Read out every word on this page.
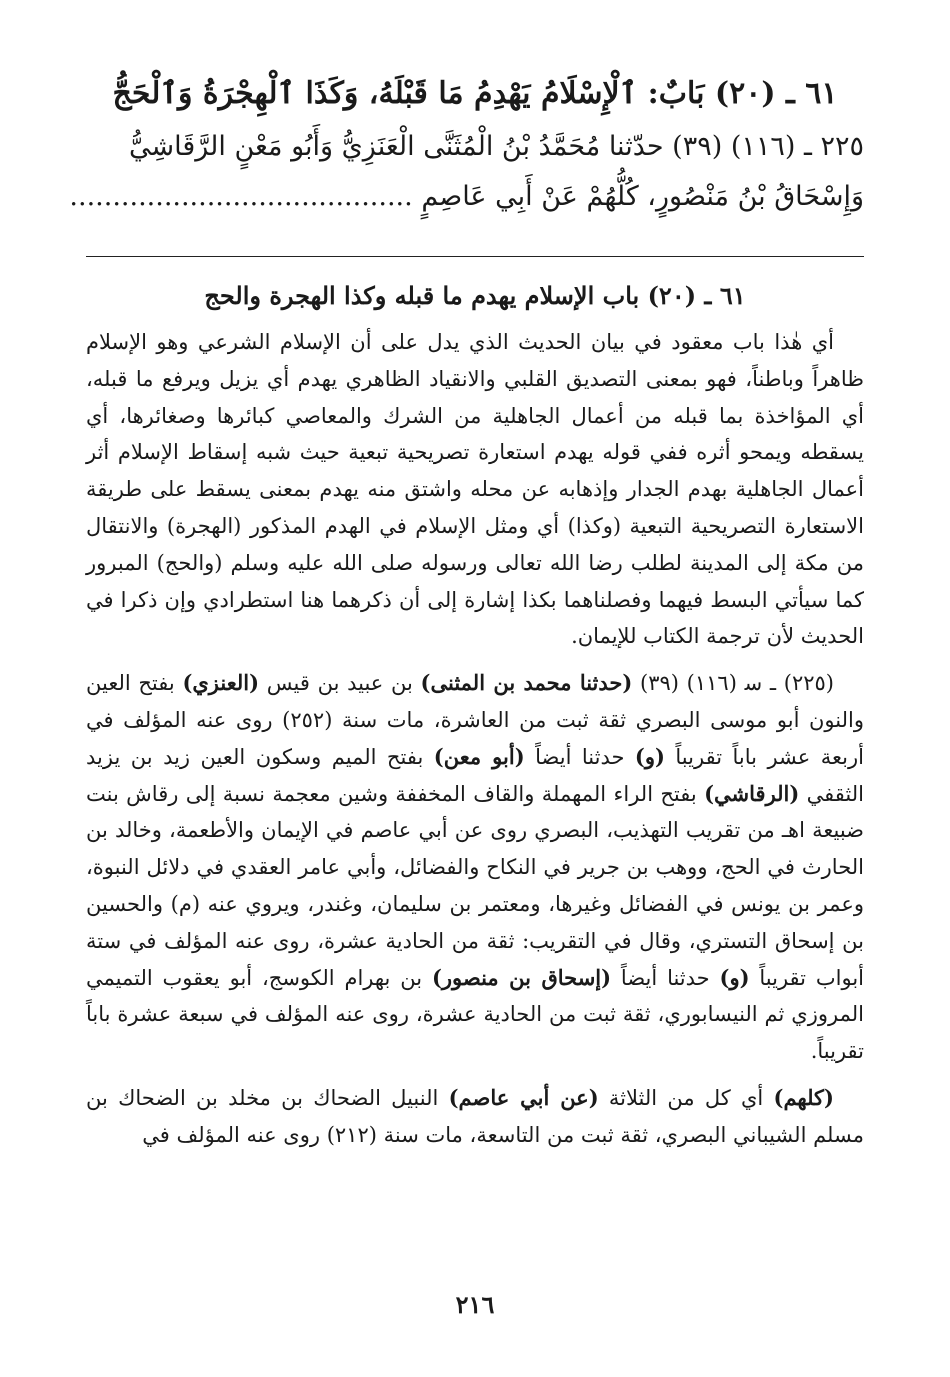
٦١ ـ (٢٠) بَابٌ: ٱلْإِسْلَامُ يَهْدِمُ مَا قَبْلَهُ، وَكَذَا ٱلْهِجْرَةُ وَٱلْحَجُّ

٢٢٥ ـ (١١٦) (٣٩) حدّثنا مُحَمَّدُ بْنُ الْمُثَنَّى الْعَنَزِيُّ وَأَبُو مَعْنٍ الرَّقَاشِيُّ

وَإِسْحَاقُ بْنُ مَنْصُورٍ، كُلُّهُمْ عَنْ أَبِي عَاصِمٍ ........................................

٦١ ـ (٢٠) باب الإسلام يهدم ما قبله وكذا الهجرة والحج

أي هٰذا باب معقود في بيان الحديث الذي يدل على أن الإسلام الشرعي وهو الإسلام ظاهراً وباطناً، فهو بمعنى التصديق القلبي والانقياد الظاهري يهدم أي يزيل ويرفع ما قبله، أي المؤاخذة بما قبله من أعمال الجاهلية من الشرك والمعاصي كبائرها وصغائرها، أي يسقطه ويمحو أثره ففي قوله يهدم استعارة تصريحية تبعية حيث شبه إسقاط الإسلام أثر أعمال الجاهلية بهدم الجدار وإذهابه عن محله واشتق منه يهدم بمعنى يسقط على طريقة الاستعارة التصريحية التبعية (وكذا) أي ومثل الإسلام في الهدم المذكور (الهجرة) والانتقال من مكة إلى المدينة لطلب رضا الله تعالى ورسوله صلى الله عليه وسلم (والحج) المبرور كما سيأتي البسط فيهما وفصلناهما بكذا إشارة إلى أن ذكرهما هنا استطرادي وإن ذكرا في الحديث لأن ترجمة الكتاب للإيمان.

(٢٢٥) ـ ﺳ (١١٦) (٣٩) (حدثنا محمد بن المثنى) بن عبيد بن قيس (العنزي) بفتح العين والنون أبو موسى البصري ثقة ثبت من العاشرة، مات سنة (٢٥٢) روى عنه المؤلف في أربعة عشر باباً تقريباً (و) حدثنا أيضاً (أبو معن) بفتح الميم وسكون العين زيد بن يزيد الثقفي (الرقاشي) بفتح الراء المهملة والقاف المخففة وشين معجمة نسبة إلى رقاش بنت ضبيعة اهـ من تقريب التهذيب، البصري روى عن أبي عاصم في الإيمان والأطعمة، وخالد بن الحارث في الحج، ووهب بن جرير في النكاح والفضائل، وأبي عامر العقدي في دلائل النبوة، وعمر بن يونس في الفضائل وغيرها، ومعتمر بن سليمان، وغندر، ويروي عنه (م) والحسين بن إسحاق التستري، وقال في التقريب: ثقة من الحادية عشرة، روى عنه المؤلف في ستة أبواب تقريباً (و) حدثنا أيضاً (إسحاق بن منصور) بن بهرام الكوسج، أبو يعقوب التميمي المروزي ثم النيسابوري، ثقة ثبت من الحادية عشرة، روى عنه المؤلف في سبعة عشرة باباً تقريباً.

(كلهم) أي كل من الثلاثة (عن أبي عاصم) النبيل الضحاك بن مخلد بن الضحاك بن مسلم الشيباني البصري، ثقة ثبت من التاسعة، مات سنة (٢١٢) روى عنه المؤلف في

٢١٦
